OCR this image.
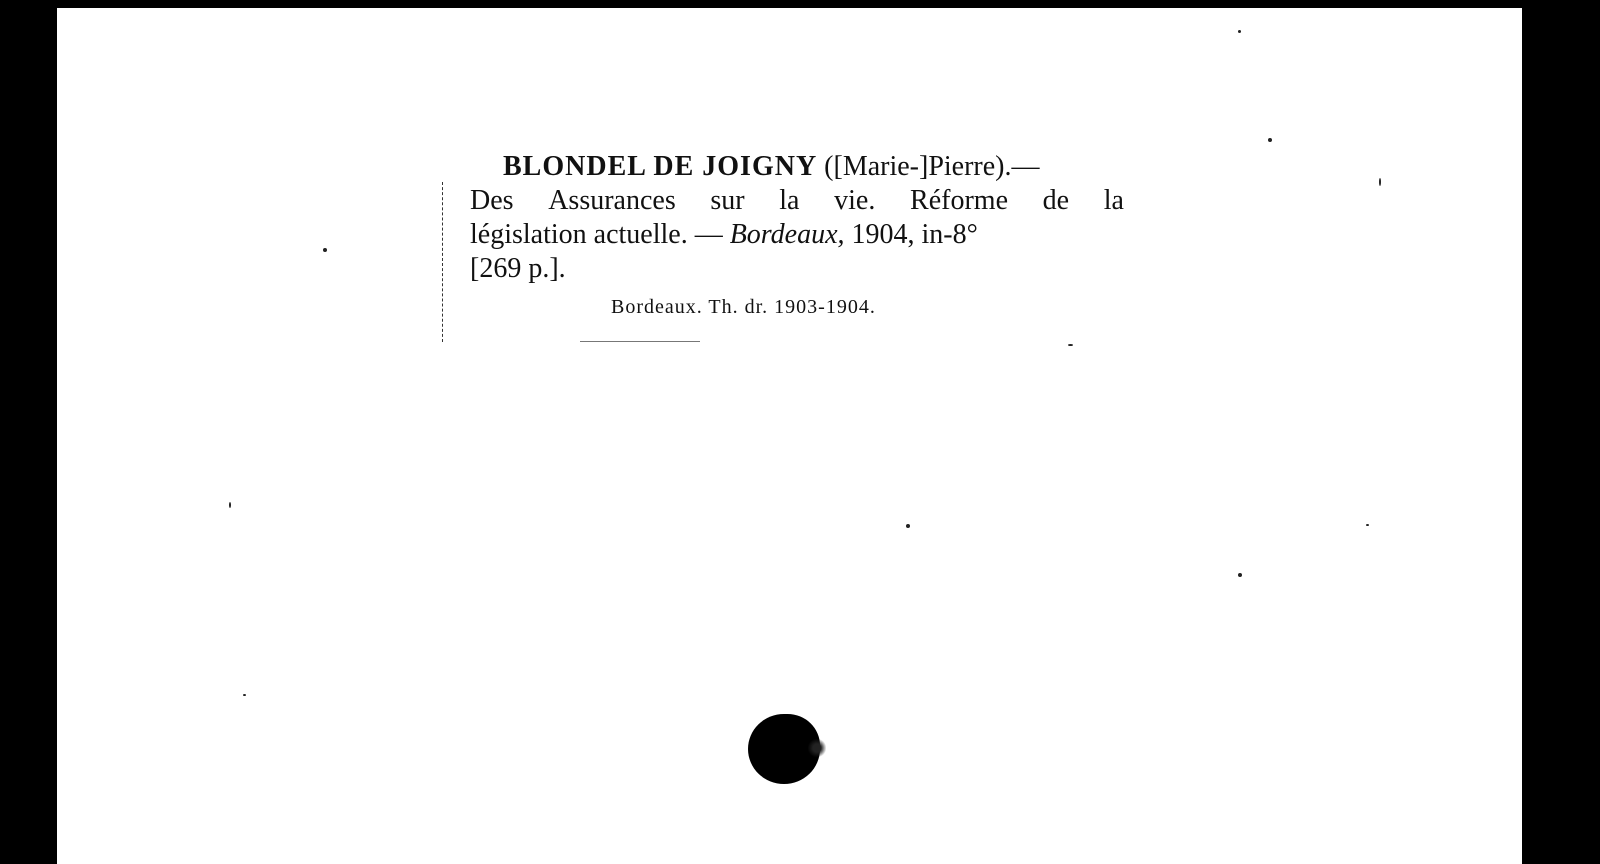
BLONDEL DE JOIGNY ([Marie-]Pierre).—
Des Assurances sur la vie. Réforme de la
législation actuelle. — Bordeaux, 1904, in-8°
[269 p.].
Bordeaux. Th. dr. 1903-1904.
